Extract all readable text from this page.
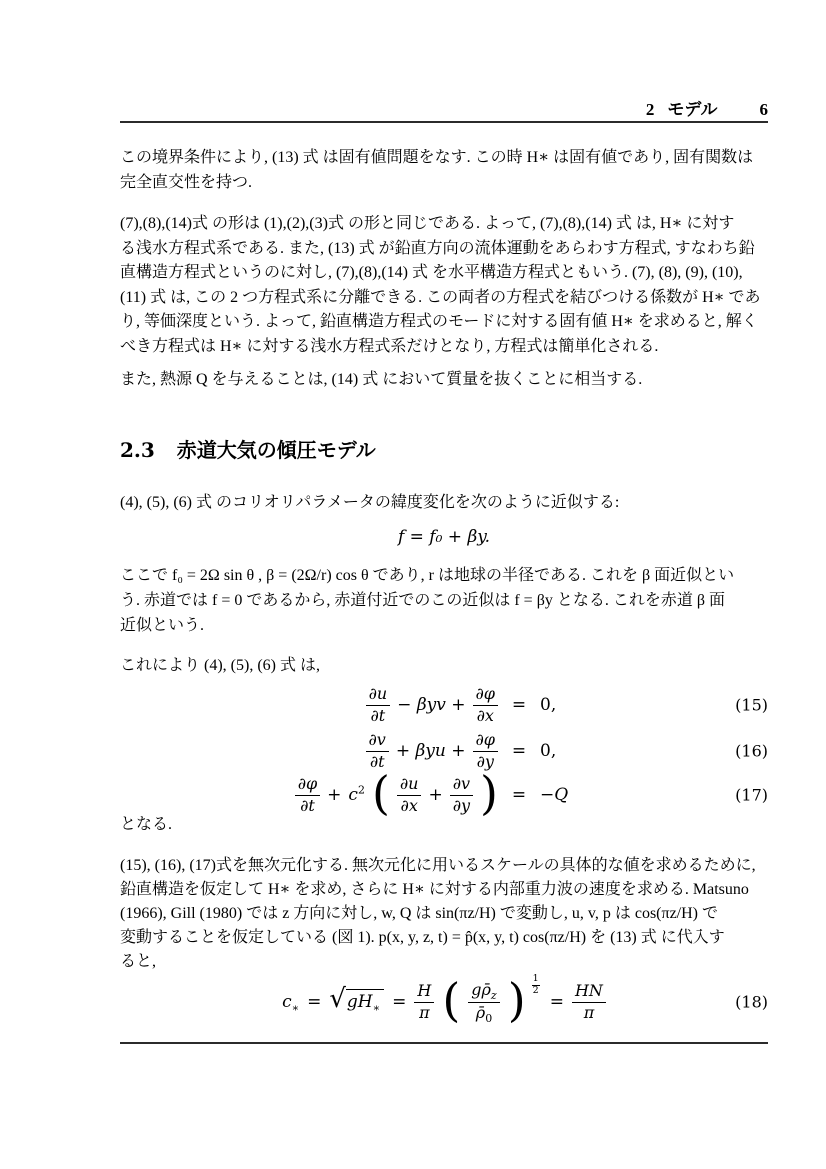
2 モデル 6
この境界条件により, (13) 式 は固有値問題をなす. この時 H∗ は固有値であり, 固有関数は
完全直交性を持つ.
(7),(8),(14)式 の形は (1),(2),(3)式 の形と同じである. よって, (7),(8),(14) 式 は, H∗ に対す
る浅水方程式系である. また, (13) 式 が鉛直方向の流体運動をあらわす方程式, すなわち鉛
直構造方程式というのに対し, (7),(8),(14) 式 を水平構造方程式ともいう. (7), (8), (9), (10),
(11) 式 は, この 2 つ方程式系に分離できる. この両者の方程式を結びつける係数が H∗ であ
り, 等価深度という. よって, 鉛直構造方程式のモードに対する固有値 H∗ を求めると, 解く
べき方程式は H∗ に対する浅水方程式系だけとなり, 方程式は簡単化される.
また, 熱源 Q を与えることは, (14) 式 において質量を抜くことに相当する.
2.3 赤道大気の傾圧モデル
(4), (5), (6) 式 のコリオリパラメータの緯度変化を次のように近似する:
f = f₀ + βy.
ここで f₀ = 2Ω sin θ , β = (2Ω/r) cos θ であり, r は地球の半径である. これを β 面近似とい
う. 赤道では f = 0 であるから, 赤道付近でのこの近似は f = βy となる. これを赤道 β 面
近似という.
これにより (4), (5), (6) 式 は,
$\frac{\partial u}{\partial t} - \beta yv + \frac{\partial\varphi}{\partial x} = 0$,	(15)
$\frac{\partial v}{\partial t} + \beta yu + \frac{\partial\varphi}{\partial y} = 0$,	(16)
$\frac{\partial\varphi}{\partial t} + c^2$ ( $\frac{\partial u}{\partial x} + \frac{\partial v}{\partial y}$ ) = −Q	(17)
となる.
(15), (16), (17)式を無次元化する. 無次元化に用いるスケールの具体的な値を求めるために,
鉛直構造を仮定して H∗ を求め, さらに H∗ に対する内部重力波の速度を求める. Matsuno
(1966), Gill (1980) では z 方向に対し, w, Q は sin(πz/H) で変動し, u, v, p は cos(πz/H) で
変動することを仮定している (図 1). p(x, y, z, t) = p̂(x, y, t) cos(πz/H) を (13) 式 に代入す
ると,
$c_∗ = √gH_∗ = \frac{H}{\pi}$ ( $\frac{g\rhō_z}{\rhō_0}$ ) $\frac{1}{2}$
= $\frac{HN}{\pi}$	(18)
